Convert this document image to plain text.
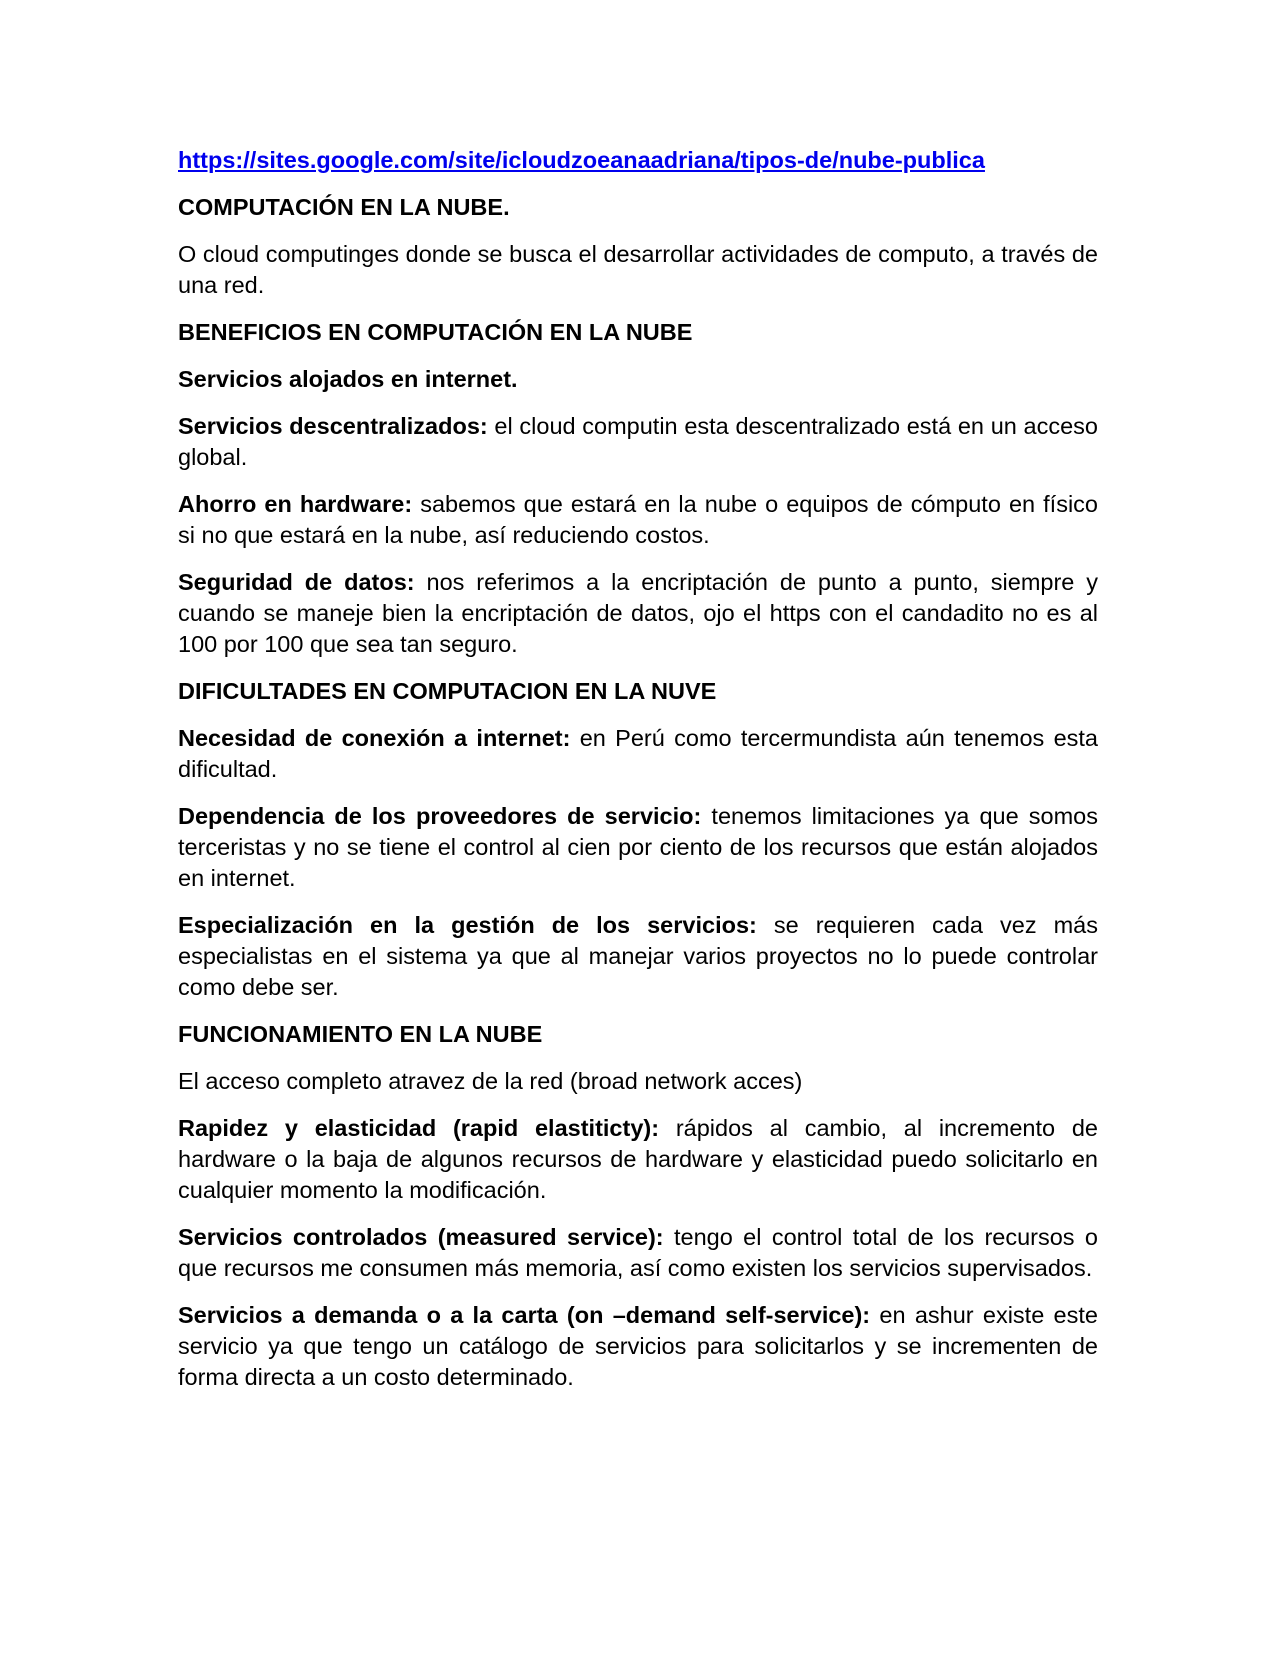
https://sites.google.com/site/icloudzoeanaadriana/tipos-de/nube-publica

COMPUTACIÓN EN LA NUBE.

O cloud computinges donde se busca el desarrollar actividades de computo, a través de una red.

BENEFICIOS EN COMPUTACIÓN EN LA NUBE

Servicios alojados en internet.

Servicios descentralizados: el cloud computin esta descentralizado está en un acceso global.

Ahorro en hardware: sabemos que estará en la nube o equipos de cómputo en físico si no que estará en la nube, así reduciendo costos.

Seguridad de datos: nos referimos a la encriptación de punto a punto, siempre y cuando se maneje bien la encriptación de datos, ojo el https con el candadito no es al 100 por 100 que sea tan seguro.

DIFICULTADES EN COMPUTACION EN LA NUVE

Necesidad de conexión a internet: en Perú como tercermundista aún tenemos esta dificultad.

Dependencia de los proveedores de servicio: tenemos limitaciones ya que somos terceristas y no se tiene el control al cien por ciento de los recursos que están alojados en internet.

Especialización en la gestión de los servicios: se requieren cada vez más especialistas en el sistema ya que al manejar varios proyectos no lo puede controlar como debe ser.

FUNCIONAMIENTO EN LA NUBE

El acceso completo atravez de la red (broad network acces)

Rapidez y elasticidad (rapid elastiticty): rápidos al cambio, al incremento de hardware o la baja de algunos recursos de hardware y elasticidad puedo solicitarlo en cualquier momento la modificación.

Servicios controlados (measured service): tengo el control total de los recursos o que recursos me consumen más memoria, así como existen los servicios supervisados.

Servicios a demanda o a la carta (on –demand self-service): en ashur existe este servicio ya que tengo un catálogo de servicios para solicitarlos y se incrementen de forma directa a un costo determinado.
